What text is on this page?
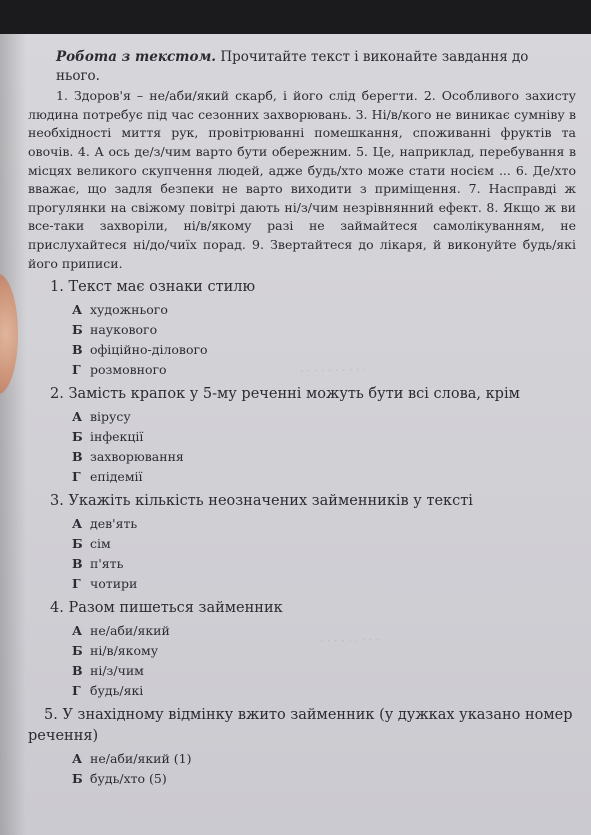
· · · · · · · · · ·
· · · · · · · · ·

Робота з текстом. Прочитайте текст і виконайте завдання до нього.

1. Здоров'я – не/аби/який скарб, і його слід берегти. 2. Особливого захисту людина потребує під час сезонних захворювань. 3. Ні/в/кого не виникає сумніву в необхідності миття рук, провітрюванні помешкання, споживанні фруктів та овочів. 4. А ось де/з/чим варто бути обережним. 5. Це, наприклад, перебування в місцях великого скупчення людей, адже будь/хто може стати носієм ... 6. Де/хто вважає, що задля безпеки не варто виходити з приміщення. 7. Насправді ж прогулянки на свіжому повітрі дають ні/з/чим незрівнянний ефект. 8. Якщо ж ви все-таки захворіли, ні/в/якому разі не займайтеся самолікуванням, не прислухайтеся ні/до/чиїх порад. 9. Звертайтеся до лікаря, й виконуйте будь/які його приписи.

1. Текст має ознаки стилю
А художнього
Б наукового
В офіційно-ділового
Г розмовного
2. Замість крапок у 5-му реченні можуть бути всі слова, крім
А вірусу
Б інфекції
В захворювання
Г епідемії
3. Укажіть кількість неозначених займенників у тексті
А дев'ять
Б сім
В п'ять
Г чотири
4. Разом пишеться займенник
А не/аби/який
Б ні/в/якому
В ні/з/чим
Г будь/які
5. У знахідному відмінку вжито займенник (у дужках указано номер речення)
А не/аби/який (1)
Б будь/хто (5)
